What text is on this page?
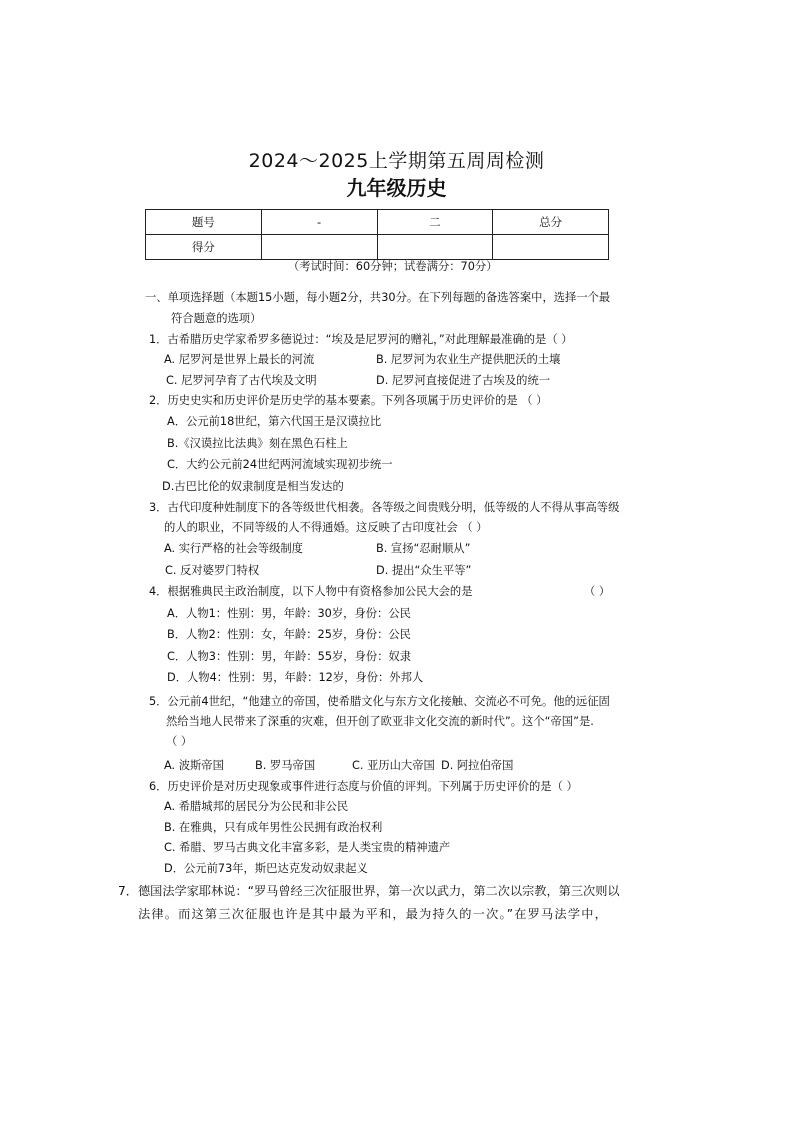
2024～2025上学期第五周周检测
九年级历史
题号	-	二	总分
得分			
（考试时间：60分钟；试卷满分：70分）
一、单项选择题（本题15小题，每小题2分，共30分。在下列每题的备选答案中，选择一个最
符合题意的选项）
1．古希腊历史学家希罗多德说过：“埃及是尼罗河的赠礼，”对此理解最准确的是（ ）
A. 尼罗河是世界上最长的河流	B. 尼罗河为农业生产提供肥沃的土壤
C. 尼罗河孕育了古代埃及文明	D. 尼罗河直接促进了古埃及的统一
2．历史史实和历史评价是历史学的基本要素。下列各项属于历史评价的是 （ ）
A．公元前18世纪，第六代国王是汉谟拉比
B.《汉谟拉比法典》刻在黑色石柱上
C．大约公元前24世纪两河流域实现初步统一
D.古巴比伦的奴隶制度是相当发达的
3．古代印度种姓制度下的各等级世代相袭。各等级之间贵贱分明，低等级的人不得从事高等级
的人的职业，不同等级的人不得通婚。这反映了古印度社会 （ ）
A. 实行严格的社会等级制度	B. 宣扬“忍耐顺从”
C. 反对婆罗门特权	D. 提出“众生平等”
4．根据雅典民主政治制度，以下人物中有资格参加公民大会的是	（ ）
A．人物1：性别：男，年龄：30岁，身份：公民
B．人物2：性别：女，年龄：25岁，身份：公民
C．人物3：性别：男，年龄：55岁，身份：奴隶
D．人物4：性别：男，年龄：12岁，身份：外邦人
5．公元前4世纪，“他建立的帝国，使希腊文化与东方文化接触、交流必不可免。他的远征固
然给当地人民带来了深重的灾难，但开创了欧亚非文化交流的新时代”。这个“帝国”是.
（ ）
A. 波斯帝国	B. 罗马帝国	C. 亚历山大帝国 D. 阿拉伯帝国
6．历史评价是对历史现象或事件进行态度与价值的评判。下列属于历史评价的是（ ）
A. 希腊城邦的居民分为公民和非公民
B. 在雅典，只有成年男性公民拥有政治权利
C. 希腊、罗马古典文化丰富多彩，是人类宝贵的精神遗产
D．公元前73年，斯巴达克发动奴隶起义
7．德国法学家耶林说：“罗马曾经三次征服世界，第一次以武力，第二次以宗教，第三次则以
法律。而这第三次征服也许是其中最为平和，最为持久的一次。”在罗马法学中，
